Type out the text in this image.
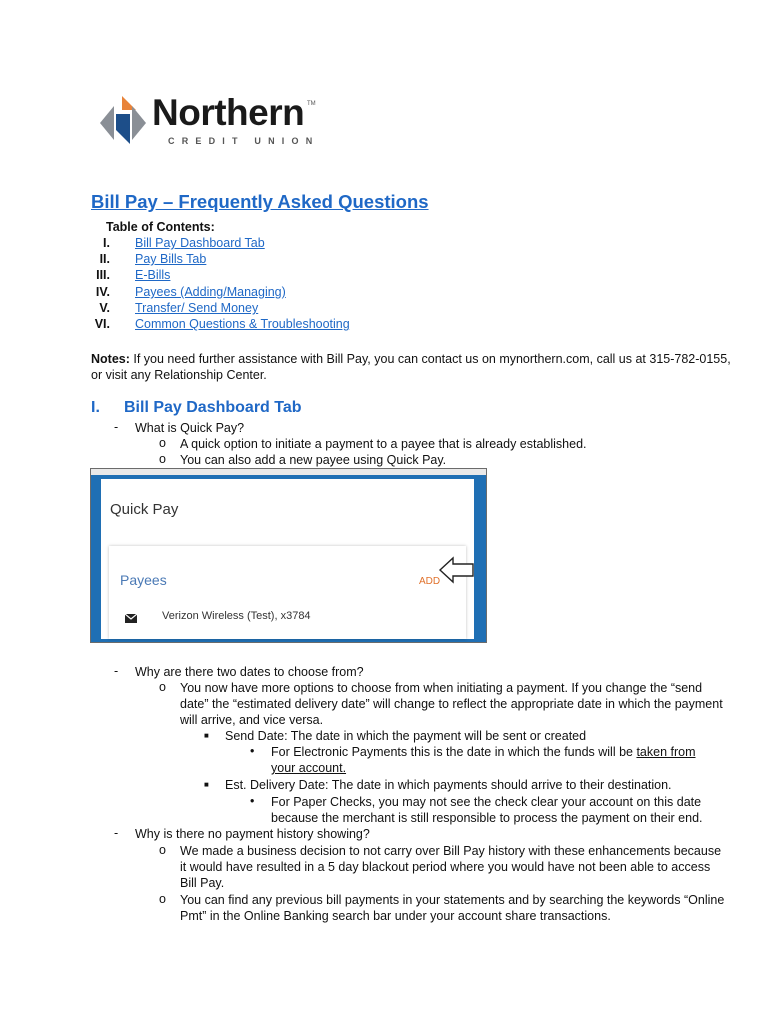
Northern TM
CREDIT UNION
Bill Pay – Frequently Asked Questions
Table of Contents:
I. Bill Pay Dashboard Tab
II. Pay Bills Tab
III. E-Bills
IV. Payees (Adding/Managing)
V. Transfer/ Send Money
VI. Common Questions & Troubleshooting
Notes: If you need further assistance with Bill Pay, you can contact us on mynorthern.com, call us at 315-782-0155,
or visit any Relationship Center.
I. Bill Pay Dashboard Tab
- What is Quick Pay?
o A quick option to initiate a payment to a payee that is already established.
o You can also add a new payee using Quick Pay.
Quick Pay
Payees	ADD
Verizon Wireless (Test), x3784
- Why are there two dates to choose from?
o You now have more options to choose from when initiating a payment. If you change the “send
date” the “estimated delivery date” will change to reflect the appropriate date in which the payment
will arrive, and vice versa.
■ Send Date: The date in which the payment will be sent or created
• For Electronic Payments this is the date in which the funds will be taken from
your account.
■ Est. Delivery Date: The date in which payments should arrive to their destination.
• For Paper Checks, you may not see the check clear your account on this date
because the merchant is still responsible to process the payment on their end.
- Why is there no payment history showing?
o We made a business decision to not carry over Bill Pay history with these enhancements because
it would have resulted in a 5 day blackout period where you would have not been able to access
Bill Pay.
o You can find any previous bill payments in your statements and by searching the keywords “Online
Pmt” in the Online Banking search bar under your account share transactions.
